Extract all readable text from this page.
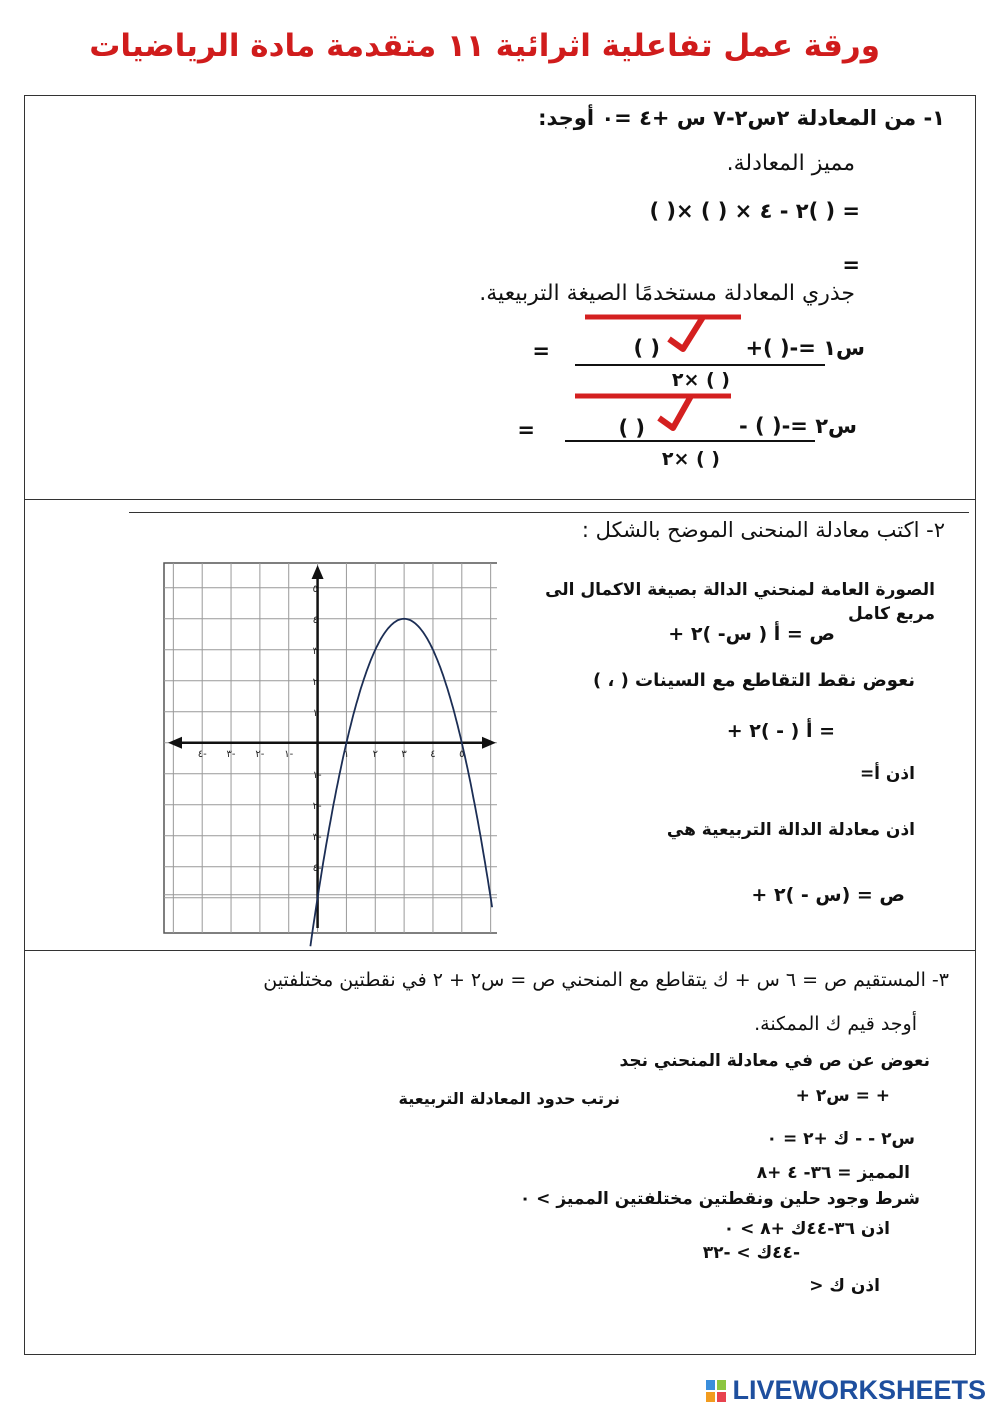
ورقة عمل تفاعلية اثرائية ١١ متقدمة مادة الرياضيات
١- من المعادلة ٢س٢-٧ س +٤ =٠ أوجد:
مميز المعادلة.
= ( )٢ - ٤ × ( ) ×( )
=
جذري المعادلة مستخدمًا الصيغة التربيعية.
س١ =-( )+
( )
( ) ×٢
=
س٢ =-( ) -
( )
( ) ×٢
=
٢- اكتب معادلة المنحنى الموضح بالشكل :
-٤ -٣ -٢ -١	١ ٢ ٣ ٤ ٥
٥
٤
٣
٢
١
-١
-٢
-٣
-٤
الصورة العامة لمنحني الدالة بصيغة الاكمال الى مربع كامل
ص = أ ( س- )٢ +
نعوض نقط التقاطع مع السينات ( ، )
= أ ( - )٢ +
اذن أ=
اذن معادلة الدالة التربيعية هي
ص = (س - )٢ +
٣- المستقيم ص = ٦ س + ك يتقاطع مع المنحني ص = س٢ + ٢ في نقطتين مختلفتين
أوجد قيم ك الممكنة.
نعوض عن ص في معادلة المنحني نجد
+ = س٢ +
نرتب حدود المعادلة التربيعية
س٢ - - ك +٢ = ٠
المميز = ٣٦- ٤ +٨
شرط وجود حلين ونقطتين مختلفتين المميز > ٠
اذن ٣٦-٤٤ك +٨ > ٠
-٤٤ك > -٣٢
اذن ك <
LIVEWORKSHEETS
